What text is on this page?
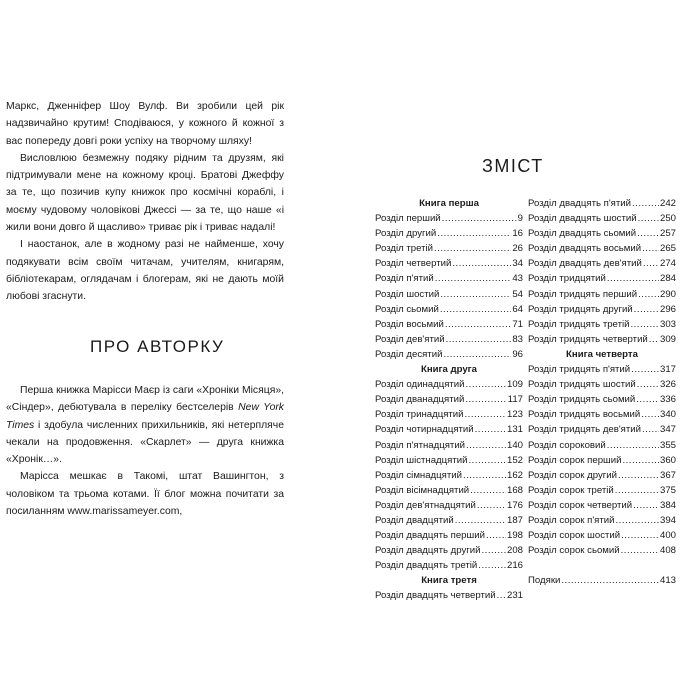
Маркс, Дженніфер Шоу Вулф. Ви зробили цей рік надзвичайно крутим! Сподіваюся, у кожного й кожної з вас попереду довгі роки успіху на творчому шляху!

Висловлюю безмежну подяку рідним та друзям, які підтримували мене на кожному кроці. Братові Джеффу за те, що позичив купу книжок про космічні кораблі, і моєму чудовому чоловікові Джессі — за те, що наше «і жили вони довго й щасливо» триває рік і триває надалі!

І наостанок, але в жодному разі не найменше, хочу подякувати всім своїм читачам, учителям, книгарям, бібліотекарам, оглядачам і блогерам, які не дають моїй любові згаснути.

ПРО АВТОРКУ

Перша книжка Марісси Маєр із саги «Хроніки Місяця», «Сіндер», дебютувала в переліку бестселерів New York Times і здобула численних прихильників, які нетерпляче чекали на продовження. «Скарлет» — друга книжка «Хронік…».

Марісса мешкає в Такомі, штат Вашингтон, з чоловіком та трьома котами. Її блог можна почитати за посиланням www.marissameyer.com,

ЗМІСТ
Книга перша
Розділ перший .....	9
Розділ другий .....	16
Розділ третій .....	26
Розділ четвертий .....	34
Розділ п'ятий .....	43
Розділ шостий .....	54
Розділ сьомий .....	64
Розділ восьмий .....	71
Розділ дев'ятий .....	83
Розділ десятий .....	96
Книга друга
Розділ одинадцятий .....	109
Розділ дванадцятий .....	117
Розділ тринадцятий .....	123
Розділ чотирнадцятий .....	131
Розділ п'ятнадцятий .....	140
Розділ шістнадцятий .....	152
Розділ сімнадцятий .....	162
Розділ вісімнадцятий .....	168
Розділ дев'ятнадцятий .....	176
Розділ двадцятий .....	187
Розділ двадцять перший ..... 198
Розділ двадцять другий .....	208
Розділ двадцять третій .....	216
Книга третя
Розділ двадцять четвертий ..... 231
Розділ двадцять п'ятий .....	242
Розділ двадцять шостий ..... 250
Розділ двадцять сьомий ..... 257
Розділ двадцять восьмий ..... 265
Розділ двадцять дев'ятий ..... 274
Розділ тридцятий .....	284
Розділ тридцять перший ..... 290
Розділ тридцять другий .....	296
Розділ тридцять третій .....	303
Розділ тридцять четвертий ..... 309
Книга четверта
Розділ тридцять п'ятий .....	317
Розділ тридцять шостий .....	326
Розділ тридцять сьомий .....	336
Розділ тридцять восьмий ..... 340
Розділ тридцять дев'ятий ..... 347
Розділ сороковий .....	355
Розділ сорок перший .....	360
Розділ сорок другий .....	367
Розділ сорок третій .....	375
Розділ сорок четвертий .....	384
Розділ сорок п'ятий .....	394
Розділ сорок шостий .....	400
Розділ сорок сьомий .....	408
Подяки .....	413
